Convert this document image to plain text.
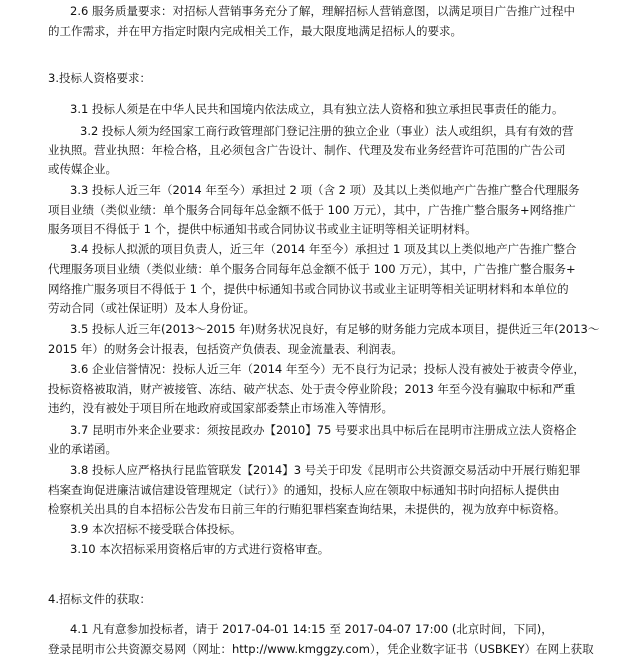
2.6 服务质量要求：对招标人营销事务充分了解，理解招标人营销意图，以满足项目广告推广过程中
的工作需求，并在甲方指定时限内完成相关工作，最大限度地满足招标人的要求。
3.投标人资格要求：
3.1 投标人须是在中华人民共和国境内依法成立，具有独立法人资格和独立承担民事责任的能力。
3.2 投标人须为经国家工商行政管理部门登记注册的独立企业（事业）法人或组织，具有有效的营
业执照。营业执照：年检合格，且必须包含广告设计、制作、代理及发布业务经营许可范围的广告公司
或传媒企业。
3.3 投标人近三年（2014 年至今）承担过 2 项（含 2 项）及其以上类似地产广告推广整合代理服务
项目业绩（类似业绩：单个服务合同每年总金额不低于 100 万元），其中，广告推广整合服务+网络推广
服务项目不得低于 1 个，提供中标通知书或合同协议书或业主证明等相关证明材料。
3.4 投标人拟派的项目负责人，近三年（2014 年至今）承担过 1 项及其以上类似地产广告推广整合
代理服务项目业绩（类似业绩：单个服务合同每年总金额不低于 100 万元），其中，广告推广整合服务+
网络推广服务项目不得低于 1 个，提供中标通知书或合同协议书或业主证明等相关证明材料和本单位的
劳动合同（或社保证明）及本人身份证。
3.5 投标人近三年(2013～2015 年)财务状况良好，有足够的财务能力完成本项目，提供近三年(2013～
2015 年）的财务会计报表，包括资产负债表、现金流量表、利润表。
3.6 企业信誉情况：投标人近三年（2014 年至今）无不良行为记录；投标人没有被处于被责令停业，
投标资格被取消，财产被接管、冻结、破产状态、处于责令停业阶段；2013 年至今没有骗取中标和严重
违约，没有被处于项目所在地政府或国家部委禁止市场准入等情形。
3.7 昆明市外来企业要求：须按昆政办【2010】75 号要求出具中标后在昆明市注册成立法人资格企
业的承诺函。
3.8 投标人应严格执行昆监管联发【2014】3 号关于印发《昆明市公共资源交易活动中开展行贿犯罪
档案查询促进廉洁诚信建设管理规定（试行）》的通知，投标人应在领取中标通知书时向招标人提供由
检察机关出具的自本招标公告发布日前三年的行贿犯罪档案查询结果，未提供的，视为放弃中标资格。
3.9 本次招标不接受联合体投标。
3.10 本次招标采用资格后审的方式进行资格审查。
4.招标文件的获取：
4.1 凡有意参加投标者，请于 2017-04-01 14:15 至 2017-04-07 17:00 (北京时间，下同)，
登录昆明市公共资源交易网（网址：http://www.kmggzy.com），凭企业数字证书（USBKEY）在网上获取
